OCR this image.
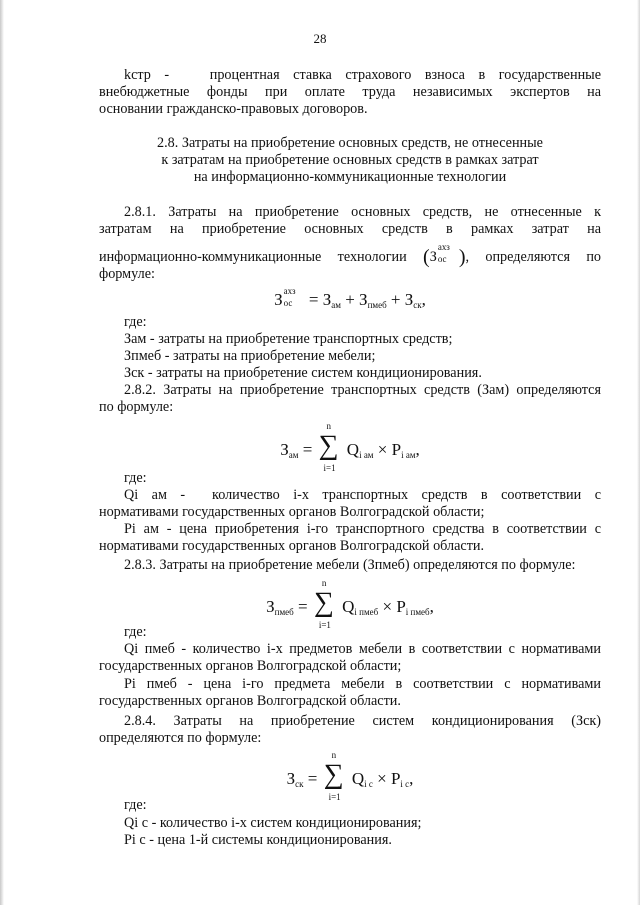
28
kстр -   процентная ставка страхового взноса в государственные
внебюджетные фонды при оплате труда независимых экспертов на
основании гражданско-правовых договоров.
2.8. Затраты на приобретение основных средств, не отнесенные
к затратам на приобретение основных средств в рамках затрат
на информационно-коммуникационные технологии
2.8.1. Затраты на приобретение основных средств, не отнесенные к
затратам на приобретение основных средств в рамках затрат на
информационно-коммуникационные технологии (З
ахз
ос ), определяются по
формуле:
З ахз
ос = $З_{ам} + З_{пмеб} + З_{ск}$,
где:
Зам - затраты на приобретение транспортных средств;
Зпмеб - затраты на приобретение мебели;
Зск - затраты на приобретение систем кондиционирования.
2.8.2. Затраты на приобретение транспортных средств (Зам) определяются
по формуле:
$З_{ам}$ =
n
∑
i=1
$Q_{i ам} \times P_{i ам}$,
где:
Qi ам -  количество i-х транспортных средств в соответствии с
нормативами государственных органов Волгоградской области;
Pi ам - цена приобретения i-го транспортного средства в соответствии с
нормативами государственных органов Волгоградской области.
2.8.3. Затраты на приобретение мебели (Зпмеб) определяются по формуле:
$З_{пмеб}$ =
n
∑
i=1
$Q_{i пмеб} \times P_{i пмеб}$,
где:
Qi пмеб - количество i-х предметов мебели в соответствии с нормативами
государственных органов Волгоградской области;
Pi пмеб - цена i-го предмета мебели в соответствии с нормативами
государственных органов Волгоградской области.
2.8.4. Затраты на приобретение систем кондиционирования (Зск)
определяются по формуле:
$З_{ск}$ =
n
∑
i=1
$Q_{i c} \times P_{i c}$,
где:
Qi c - количество i-х систем кондиционирования;
Pi c - цена 1-й системы кондиционирования.
